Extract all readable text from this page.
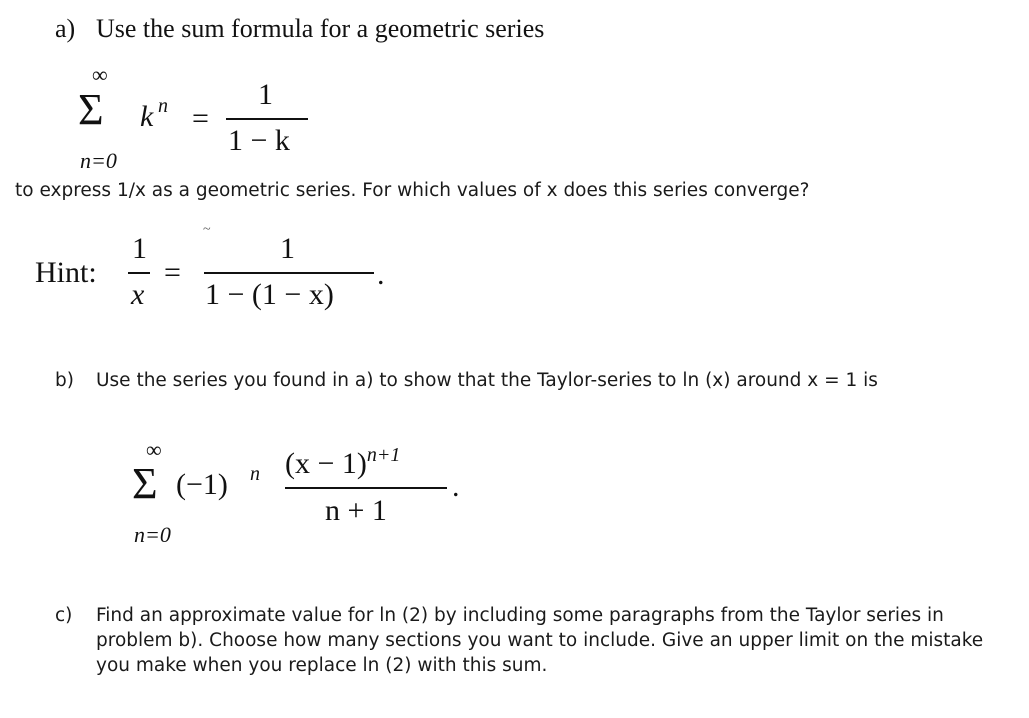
a) Use the sum formula for a geometric series
∞
Σ k n =
1
1 − k
n=0
to express 1/x as a geometric series. For which values of x does this series converge?
~
Hint:
1
x
=
1
1 − (1 − x)
.
b) Use the series you found in a) to show that the Taylor-series to ln (x) around x = 1 is
∞
Σ (−1) n $(x - 1)^{n+1}$
n + 1
.
n=0
c) Find an approximate value for ln (2) by including some paragraphs from the Taylor series in
problem b). Choose how many sections you want to include. Give an upper limit on the mistake
you make when you replace ln (2) with this sum.
